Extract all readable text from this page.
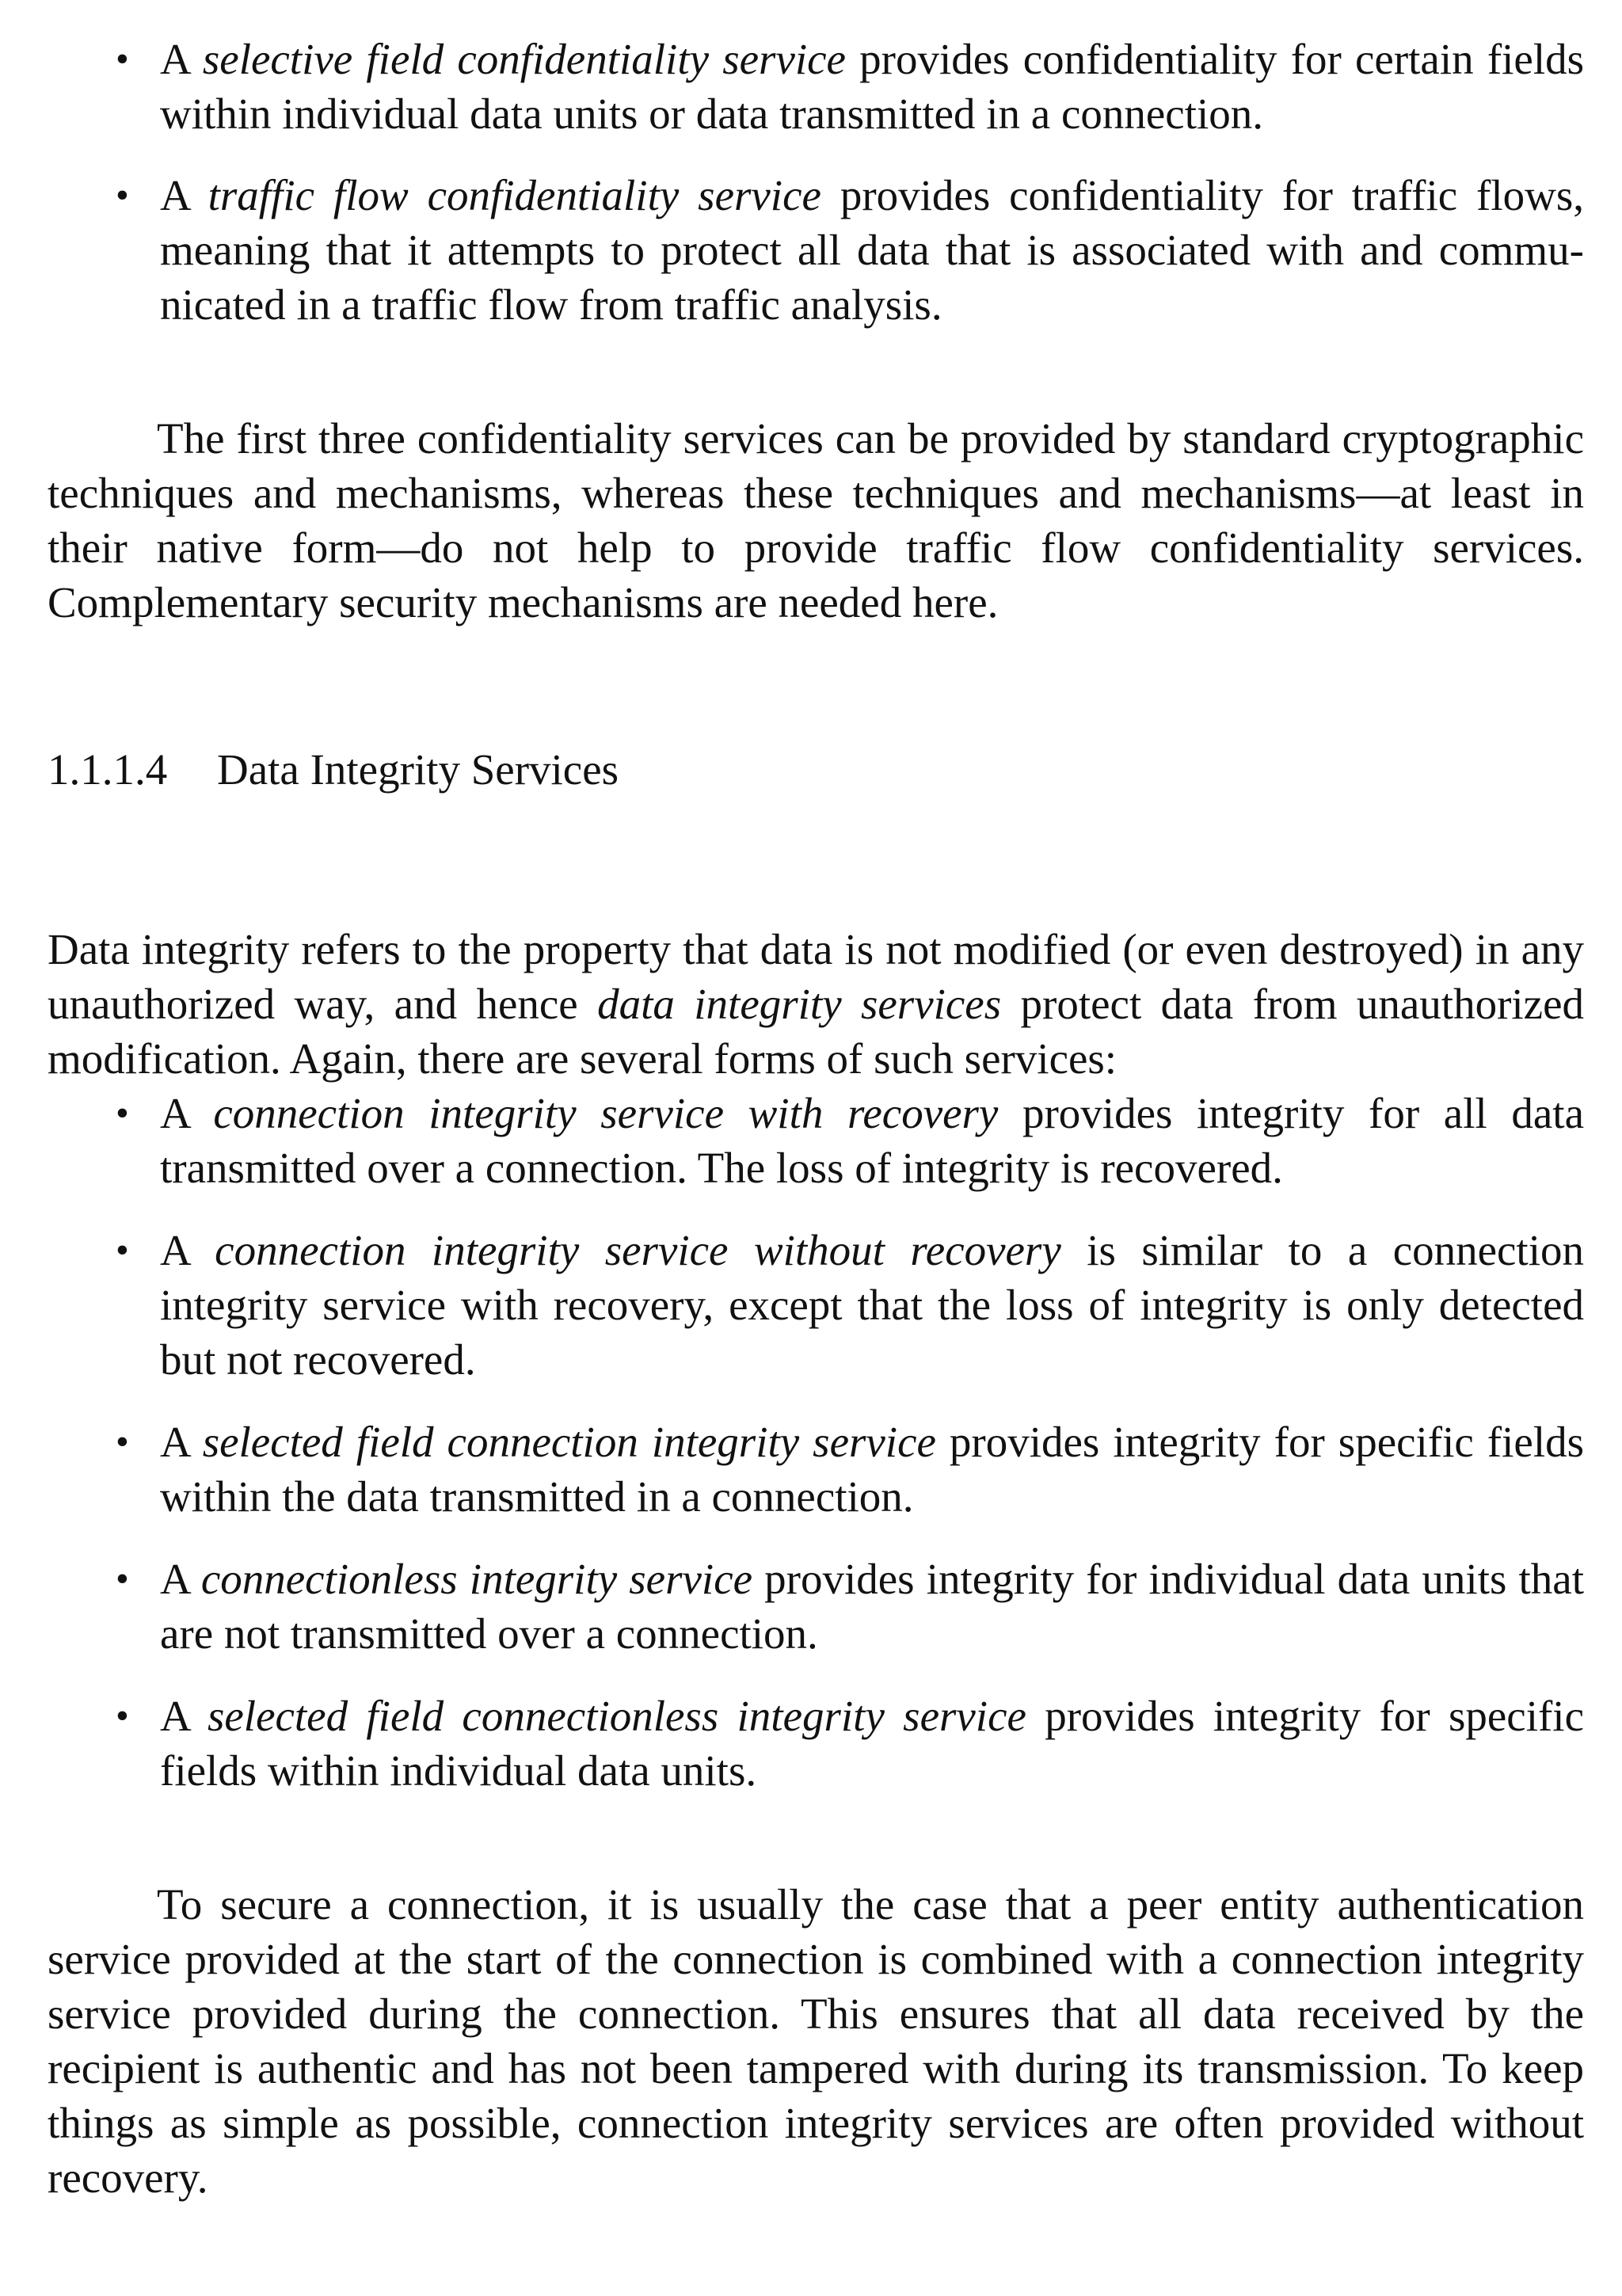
• A selective field confidentiality service provides confidentiality for certain fields within individual data units or data transmitted in a connection.
• A traffic flow confidentiality service provides confidentiality for traffic flows, meaning that it attempts to protect all data that is associated with and communicated in a traffic flow from traffic analysis.

The first three confidentiality services can be provided by standard cryptographic techniques and mechanisms, whereas these techniques and mechanisms—at least in their native form—do not help to provide traffic flow confidentiality services. Complementary security mechanisms are needed here.

1.1.1.4 Data Integrity Services

Data integrity refers to the property that data is not modified (or even destroyed) in any unauthorized way, and hence data integrity services protect data from unauthorized modification. Again, there are several forms of such services:

• A connection integrity service with recovery provides integrity for all data transmitted over a connection. The loss of integrity is recovered.
• A connection integrity service without recovery is similar to a connection integrity service with recovery, except that the loss of integrity is only detected but not recovered.
• A selected field connection integrity service provides integrity for specific fields within the data transmitted in a connection.
• A connectionless integrity service provides integrity for individual data units that are not transmitted over a connection.
• A selected field connectionless integrity service provides integrity for specific fields within individual data units.

To secure a connection, it is usually the case that a peer entity authentication service provided at the start of the connection is combined with a connection integrity service provided during the connection. This ensures that all data received by the recipient is authentic and has not been tampered with during its transmission. To keep things as simple as possible, connection integrity services are often provided without recovery.
